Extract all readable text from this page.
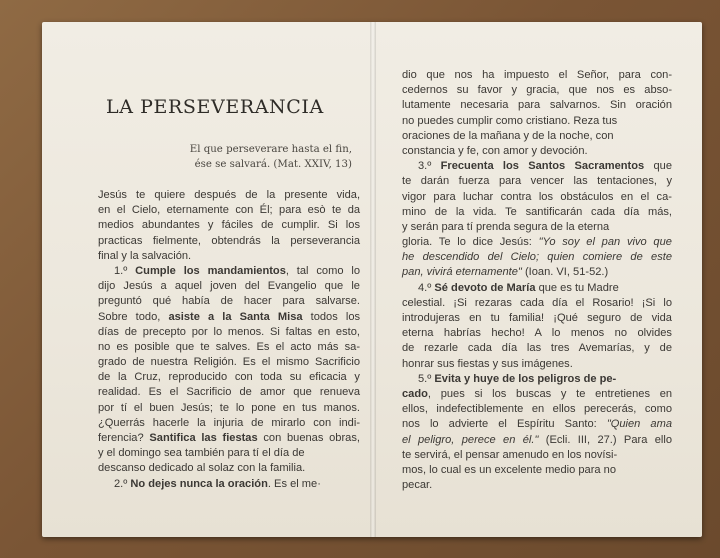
LA PERSEVERANCIA
El que perseverare hasta el fin,
ése se salvará. (Mat. XXIV, 13)
Jesús te quiere después de la presente vida,
en el Cielo, eternamente con Él; para esò te da
medios abundantes y fáciles de cumplir. Si los
practicas fielmente, obtendrás la perseverancia
final y la salvación.
1.º Cumple los mandamientos, tal como lo
dijo Jesús a aquel joven del Evangelio que le
preguntó qué había de hacer para salvarse.
Sobre todo, asiste a la Santa Misa todos los
días de precepto por lo menos. Si faltas en esto,
no es posible que te salves. Es el acto más sa-
grado de nuestra Religión. Es el mismo Sacrificio
de la Cruz, reproducido con toda su eficacia y
realidad. Es el Sacrificio de amor que renueva
por tí el buen Jesús; te lo pone en tus manos.
¿Querrás hacerle la injuria de mirarlo con indi-
ferencia? Santifica las fiestas con buenas obras,
y el domingo sea también para tí el día de
descanso dedicado al solaz con la familia.
2.º No dejes nunca la oración. Es el me·
dio que nos ha impuesto el Señor, para con-
cedernos su favor y gracia, que nos es abso-
lutamente necesaria para salvarnos. Sin oración
no puedes cumplir como cristiano. Reza tus
oraciones de la mañana y de la noche, con
constancia y fe, con amor y devoción.
3.º Frecuenta los Santos Sacramentos que
te darán fuerza para vencer las tentaciones, y
vigor para luchar contra los obstáculos en el ca-
mino de la vida. Te santificarán cada día más,
y serán para tí prenda segura de la eterna
gloria. Te lo dice Jesús: "Yo soy el pan vivo que
he descendido del Cielo; quien comiere de este
pan, vivirá eternamente" (Ioan. VI, 51-52.)
4.º Sé devoto de María que es tu Madre
celestial. ¡Si rezaras cada día el Rosario! ¡Si lo
introdujeras en tu familia! ¡Qué seguro de vida
eterna habrías hecho! A lo menos no olvides
de rezarle cada día las tres Avemarías, y de
honrar sus fiestas y sus imágenes.
5.º Evita y huye de los peligros de pe-
cado, pues si los buscas y te entretienes en
ellos, indefectiblemente en ellos perecerás, como
nos lo advierte el Espíritu Santo: "Quien ama
el peligro, perece en él." (Ecli. III, 27.) Para ello
te servirá, el pensar amenudo en los novísi-
mos, lo cual es un excelente medio para no
pecar.
